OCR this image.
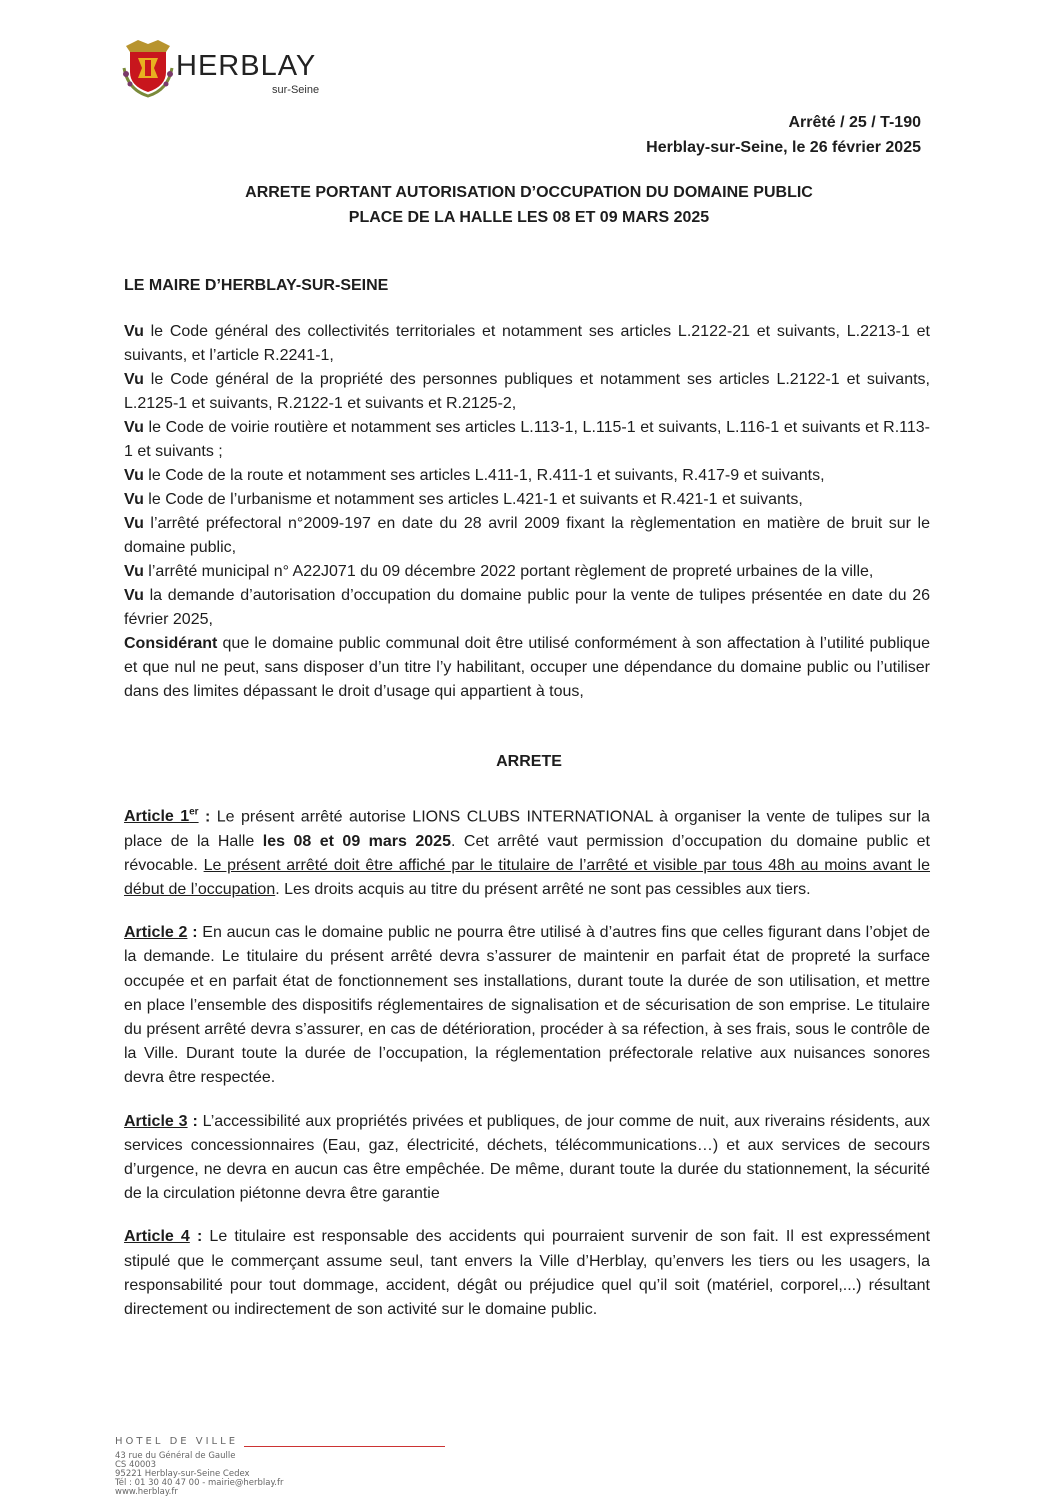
HERBLAY
sur-Seine
Arrêté / 25 / T-190
Herblay-sur-Seine, le 26 février 2025
ARRETE PORTANT AUTORISATION D’OCCUPATION DU DOMAINE PUBLIC
PLACE DE LA HALLE LES 08 ET 09 MARS 2025
LE MAIRE D’HERBLAY-SUR-SEINE

Vu le Code général des collectivités territoriales et notamment ses articles L.2122-21 et suivants, L.2213-1 et suivants, et l’article R.2241-1,

Vu le Code général de la propriété des personnes publiques et notamment ses articles L.2122-1 et suivants, L.2125-1 et suivants, R.2122-1 et suivants et R.2125-2,

Vu le Code de voirie routière et notamment ses articles L.113-1, L.115-1 et suivants, L.116-1 et suivants et R.113-1 et suivants ;

Vu le Code de la route et notamment ses articles L.411-1, R.411-1 et suivants, R.417-9 et suivants,

Vu le Code de l’urbanisme et notamment ses articles L.421-1 et suivants et R.421-1 et suivants,

Vu l’arrêté préfectoral n°2009-197 en date du 28 avril 2009 fixant la règlementation en matière de bruit sur le domaine public,

Vu l’arrêté municipal n° A22J071 du 09 décembre 2022 portant règlement de propreté urbaines de la ville,

Vu la demande d’autorisation d’occupation du domaine public pour la vente de tulipes présentée en date du 26 février 2025,

Considérant que le domaine public communal doit être utilisé conformément à son affectation à l’utilité publique et que nul ne peut, sans disposer d’un titre l’y habilitant, occuper une dépendance du domaine public ou l’utiliser dans des limites dépassant le droit d’usage qui appartient à tous,

ARRETE

Article 1er : Le présent arrêté autorise LIONS CLUBS INTERNATIONAL à organiser la vente de tulipes sur la place de la Halle les 08 et 09 mars 2025. Cet arrêté vaut permission d’occupation du domaine public et révocable. Le présent arrêté doit être affiché par le titulaire de l’arrêté et visible par tous 48h au moins avant le début de l’occupation. Les droits acquis au titre du présent arrêté ne sont pas cessibles aux tiers.

Article 2 : En aucun cas le domaine public ne pourra être utilisé à d’autres fins que celles figurant dans l’objet de la demande. Le titulaire du présent arrêté devra s’assurer de maintenir en parfait état de propreté la surface occupée et en parfait état de fonctionnement ses installations, durant toute la durée de son utilisation, et mettre en place l’ensemble des dispositifs réglementaires de signalisation et de sécurisation de son emprise. Le titulaire du présent arrêté devra s’assurer, en cas de détérioration, procéder à sa réfection, à ses frais, sous le contrôle de la Ville. Durant toute la durée de l’occupation, la réglementation préfectorale relative aux nuisances sonores devra être respectée.

Article 3 : L’accessibilité aux propriétés privées et publiques, de jour comme de nuit, aux riverains résidents, aux services concessionnaires (Eau, gaz, électricité, déchets, télécommunications…) et aux services de secours d’urgence, ne devra en aucun cas être empêchée. De même, durant toute la durée du stationnement, la sécurité de la circulation piétonne devra être garantie

Article 4 : Le titulaire est responsable des accidents qui pourraient survenir de son fait. Il est expressément stipulé que le commerçant assume seul, tant envers la Ville d’Herblay, qu’envers les tiers ou les usagers, la responsabilité pour tout dommage, accident, dégât ou préjudice quel qu’il soit (matériel, corporel,...) résultant directement ou indirectement de son activité sur le domaine public.

HOTEL DE VILLE
43 rue du Général de Gaulle
CS 40003
95221 Herblay-sur-Seine Cedex
Tél : 01 30 40 47 00 - mairie@herblay.fr
www.herblay.fr
